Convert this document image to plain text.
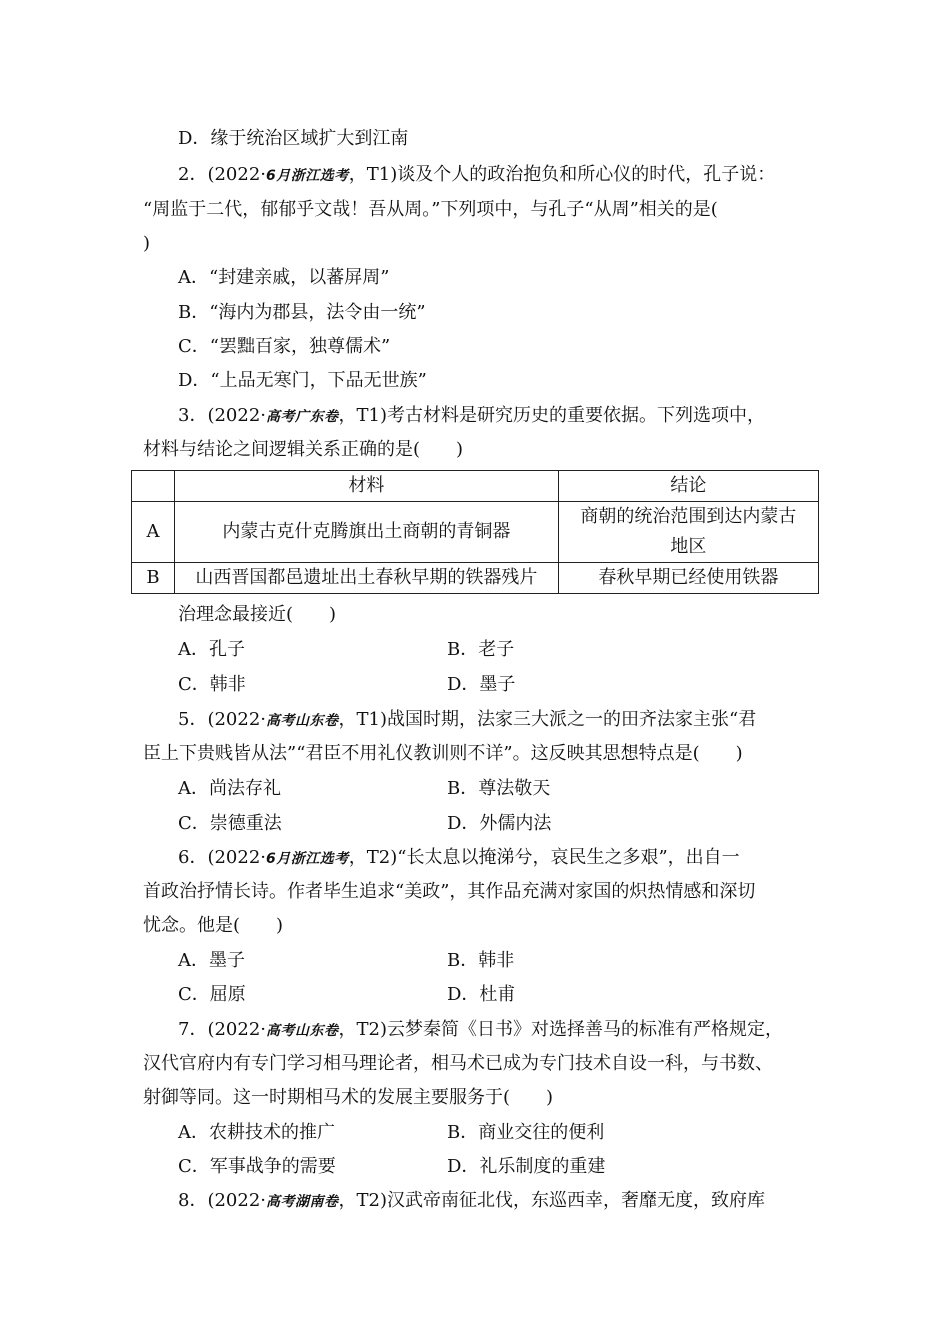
D．缘于统治区域扩大到江南
2．(2022·6月浙江选考，T1)谈及个人的政治抱负和所心仪的时代，孔子说：
“周监于二代，郁郁乎文哉！吾从周。”下列项中，与孔子“从周”相关的是(
)
A．“封建亲戚，以蕃屏周”
B．“海内为郡县，法令由一统”
C．“罢黜百家，独尊儒术”
D．“上品无寒门，下品无世族”
3．(2022·高考广东卷，T1)考古材料是研究历史的重要依据。下列选项中，
材料与结论之间逻辑关系正确的是(　　)
	材料	结论
A	内蒙古克什克腾旗出土商朝的青铜器	商朝的统治范围到达内蒙古
地区

B	山西晋国都邑遗址出土春秋早期的铁器残片	春秋早期已经使用铁器
治理念最接近(　　)
A．孔子	B．老子
C．韩非	D．墨子
5．(2022·高考山东卷，T1)战国时期，法家三大派之一的田齐法家主张“君
臣上下贵贱皆从法”“君臣不用礼仪教训则不详”。这反映其思想特点是(　　)
A．尚法存礼	B．尊法敬天
C．崇德重法	D．外儒内法
6．(2022·6月浙江选考，T2)“长太息以掩涕兮，哀民生之多艰”，出自一
首政治抒情长诗。作者毕生追求“美政”，其作品充满对家国的炽热情感和深切
忧念。他是(　　)
A．墨子	B．韩非
C．屈原	D．杜甫
7．(2022·高考山东卷，T2)云梦秦简《日书》对选择善马的标准有严格规定，
汉代官府内有专门学习相马理论者，相马术已成为专门技术自设一科，与书数、
射御等同。这一时期相马术的发展主要服务于(　　)
A．农耕技术的推广	B．商业交往的便利
C．军事战争的需要	D．礼乐制度的重建
8．(2022·高考湖南卷，T2)汉武帝南征北伐，东巡西幸，奢靡无度，致府库
